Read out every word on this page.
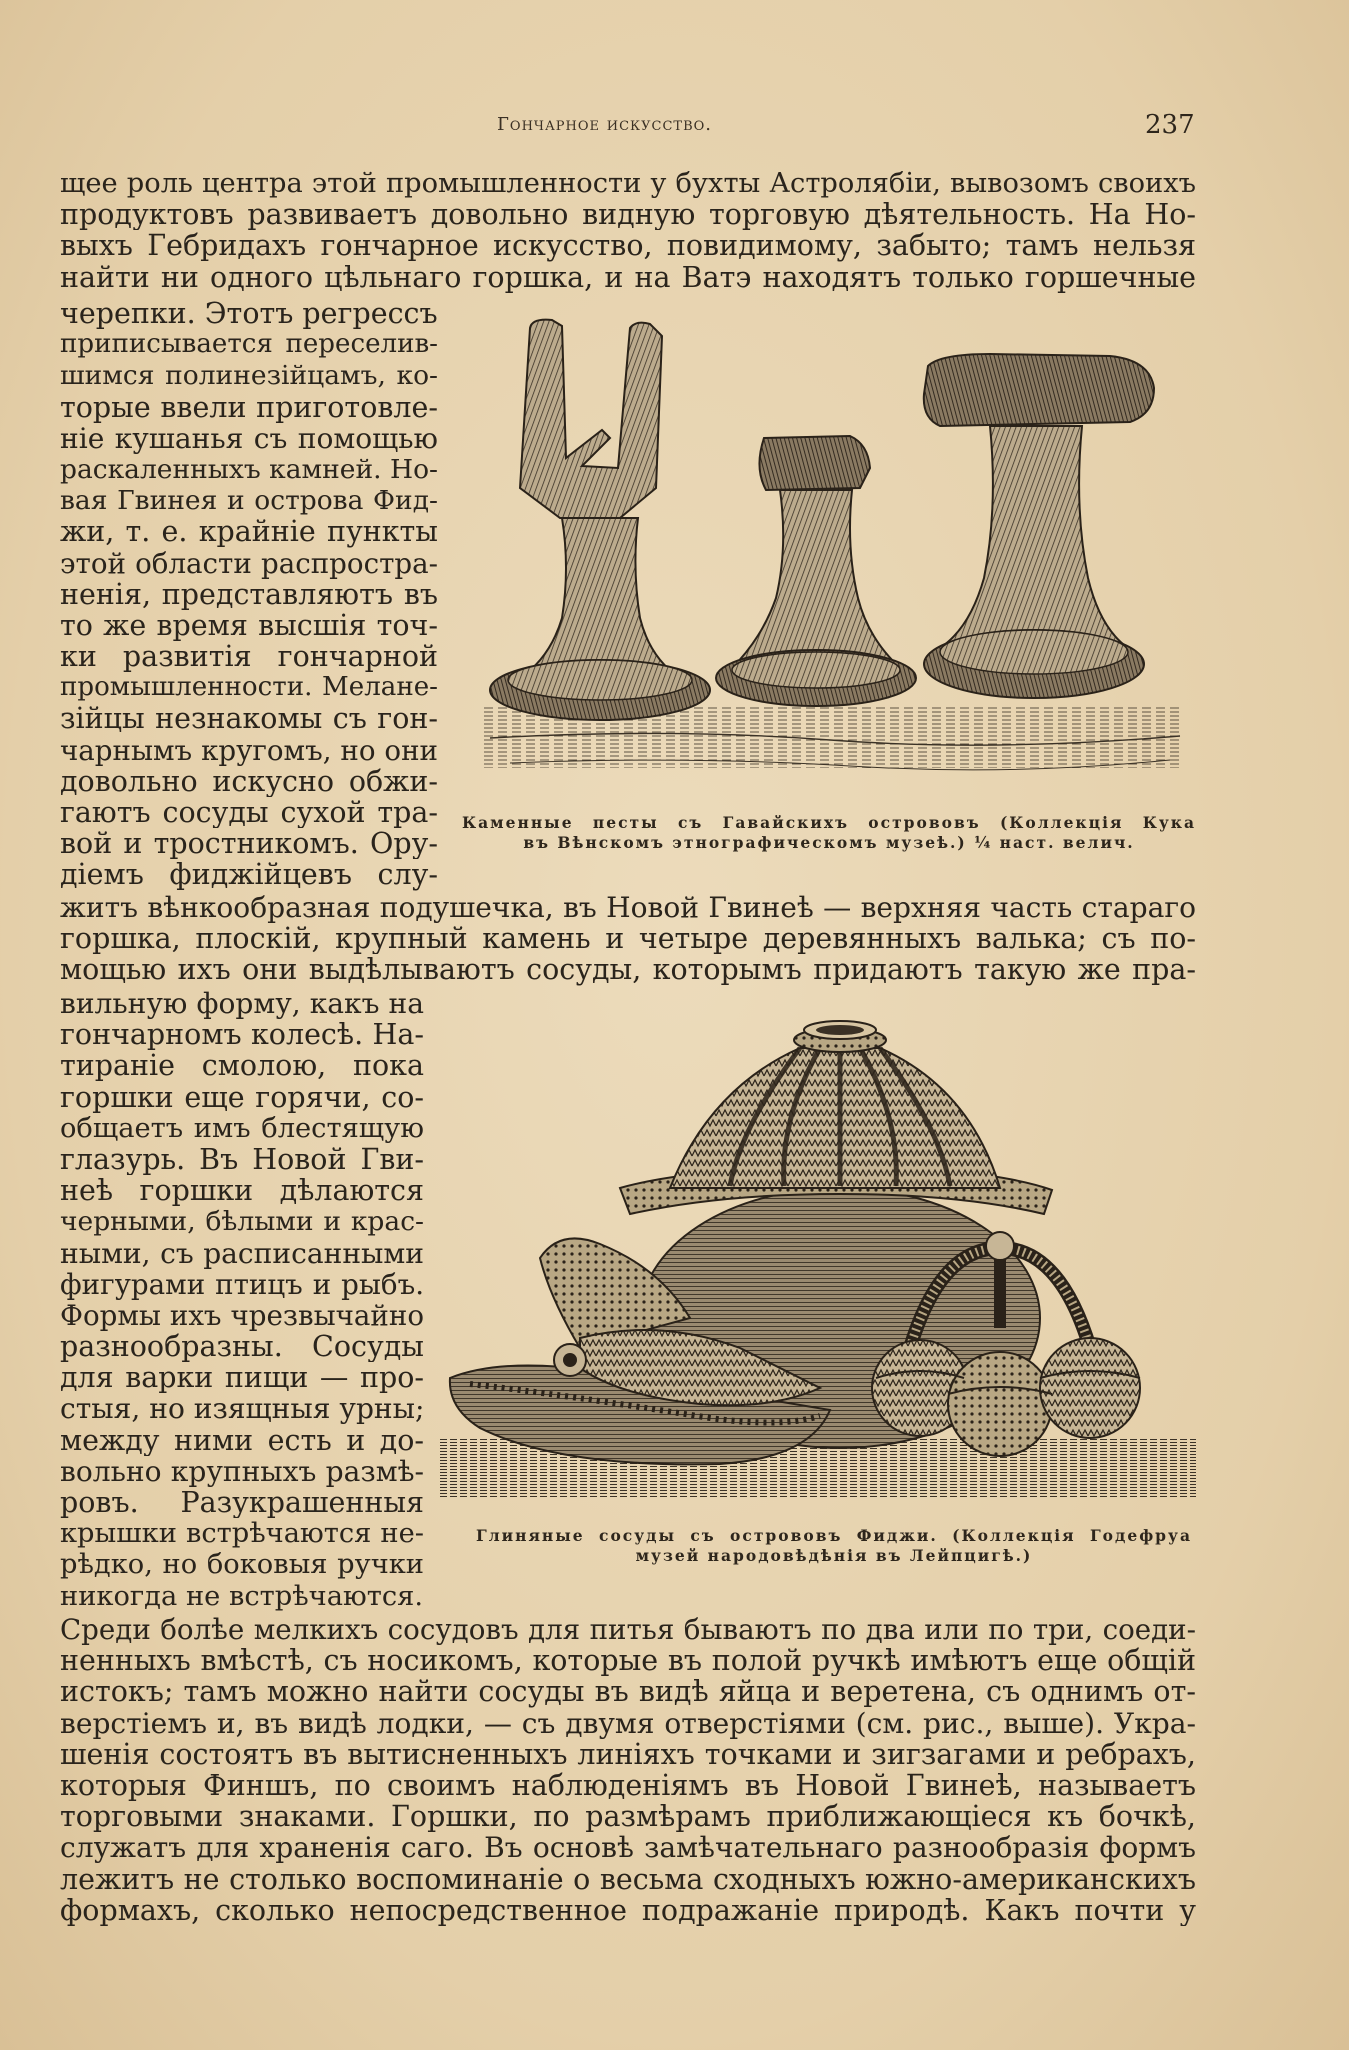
Гончарное искусство.	237
щее роль центра этой промышленности у бухты Астролябіи, вывозомъ своихъ
продуктовъ развиваетъ довольно видную торговую дѣятельность. На Но-
выхъ Гебридахъ гончарное искусство, повидимому, забыто; тамъ нельзя
найти ни одного цѣльнаго горшка, и на Ватэ находятъ только горшечные
черепки. Этотъ регрессъ
приписывается переселив-
шимся полинезійцамъ, ко-
торые ввели приготовле-
ніе кушанья съ помощью
раскаленныхъ камней. Но-
вая Гвинея и острова Фид-
жи, т. е. крайніе пункты
этой области распростра-
ненія, представляютъ въ
то же время высшія точ-
ки развитія гончарной
промышленности. Мелане-
зійцы незнакомы съ гон-
чарнымъ кругомъ, но они
довольно искусно обжи-
гаютъ сосуды сухой тра-
вой и тростникомъ. Ору-
діемъ фиджійцевъ слу-
Каменные песты съ Гавайскихъ острововъ (Коллекція Кука
въ Вѣнскомъ этнографическомъ музеѣ.) ¼ наст. велич.
житъ вѣнкообразная подушечка, въ Новой Гвинеѣ — верхняя часть стараго
горшка, плоскій, крупный камень и четыре деревянныхъ валька; съ по-
мощью ихъ они выдѣлываютъ сосуды, которымъ придаютъ такую же пра-
вильную форму, какъ на
гончарномъ колесѣ. На-
тираніе смолою, пока
горшки еще горячи, со-
общаетъ имъ блестящую
глазурь. Въ Новой Гви-
неѣ горшки дѣлаются
черными, бѣлыми и крас-
ными, съ расписанными
фигурами птицъ и рыбъ.
Формы ихъ чрезвычайно
разнообразны. Сосуды
для варки пищи — про-
стыя, но изящныя урны;
между ними есть и до-
вольно крупныхъ размѣ-
ровъ. Разукрашенныя
крышки встрѣчаются не-
рѣдко, но боковыя ручки
никогда не встрѣчаются.
Глиняные сосуды съ острововъ Фиджи. (Коллекція Годефруа
музей народовѣдѣнія въ Лейпцигѣ.)
Среди болѣе мелкихъ сосудовъ для питья бываютъ по два или по три, соеди-
ненныхъ вмѣстѣ, съ носикомъ, которые въ полой ручкѣ имѣютъ еще общій
истокъ; тамъ можно найти сосуды въ видѣ яйца и веретена, съ однимъ от-
верстіемъ и, въ видѣ лодки, — съ двумя отверстіями (см. рис., выше). Укра-
шенія состоятъ въ вытисненныхъ линіяхъ точками и зигзагами и ребрахъ,
которыя Финшъ, по своимъ наблюденіямъ въ Новой Гвинеѣ, называетъ
торговыми знаками. Горшки, по размѣрамъ приближающіеся къ бочкѣ,
служатъ для храненія саго. Въ основѣ замѣчательнаго разнообразія формъ
лежитъ не столько воспоминаніе о весьма сходныхъ южно-американскихъ
формахъ, сколько непосредственное подражаніе природѣ. Какъ почти у
